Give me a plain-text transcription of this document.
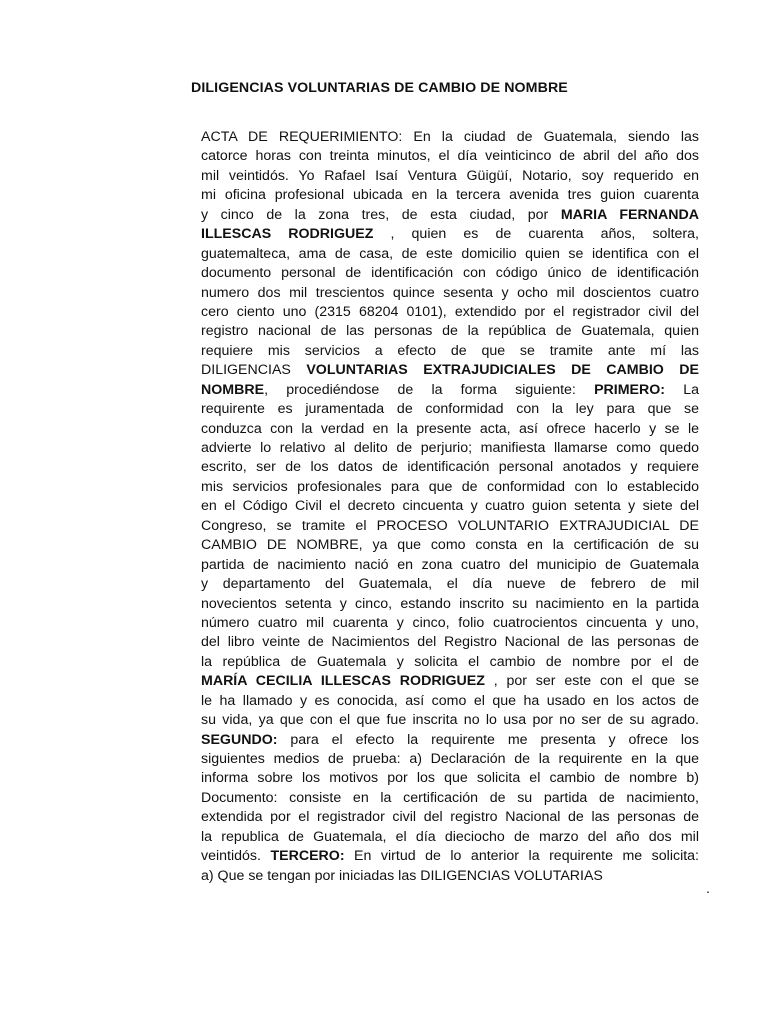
DILIGENCIAS VOLUNTARIAS DE CAMBIO DE NOMBRE
ACTA DE REQUERIMIENTO: En la ciudad de Guatemala, siendo las
catorce horas con treinta minutos, el día veinticinco de abril del año dos
mil veintidós. Yo Rafael Isaí Ventura Güigüí, Notario, soy requerido en
mi oficina profesional ubicada en la tercera avenida tres guion cuarenta
y cinco de la zona tres, de esta ciudad, por MARIA FERNANDA
ILLESCAS RODRIGUEZ , quien es de cuarenta años, soltera,
guatemalteca, ama de casa, de este domicilio quien se identifica con el
documento personal de identificación con código único de identificación
numero dos mil trescientos quince sesenta y ocho mil doscientos cuatro
cero ciento uno (2315 68204 0101), extendido por el registrador civil del
registro nacional de las personas de la república de Guatemala, quien
requiere mis servicios a efecto de que se tramite ante mí las
DILIGENCIAS VOLUNTARIAS EXTRAJUDICIALES DE CAMBIO DE
NOMBRE, procediéndose de la forma siguiente: PRIMERO: La
requirente es juramentada de conformidad con la ley para que se
conduzca con la verdad en la presente acta, así ofrece hacerlo y se le
advierte lo relativo al delito de perjurio; manifiesta llamarse como quedo
escrito, ser de los datos de identificación personal anotados y requiere
mis servicios profesionales para que de conformidad con lo establecido
en el Código Civil el decreto cincuenta y cuatro guion setenta y siete del
Congreso, se tramite el PROCESO VOLUNTARIO EXTRAJUDICIAL DE
CAMBIO DE NOMBRE, ya que como consta en la certificación de su
partida de nacimiento nació en zona cuatro del municipio de Guatemala
y departamento del Guatemala, el día nueve de febrero de mil
novecientos setenta y cinco, estando inscrito su nacimiento en la partida
número cuatro mil cuarenta y cinco, folio cuatrocientos cincuenta y uno,
del libro veinte de Nacimientos del Registro Nacional de las personas de
la república de Guatemala y solicita el cambio de nombre por el de
MARÍA CECILIA ILLESCAS RODRIGUEZ , por ser este con el que se
le ha llamado y es conocida, así como el que ha usado en los actos de
su vida, ya que con el que fue inscrita no lo usa por no ser de su agrado.
SEGUNDO: para el efecto la requirente me presenta y ofrece los
siguientes medios de prueba: a) Declaración de la requirente en la que
informa sobre los motivos por los que solicita el cambio de nombre b)
Documento: consiste en la certificación de su partida de nacimiento,
extendida por el registrador civil del registro Nacional de las personas de
la republica de Guatemala, el día dieciocho de marzo del año dos mil
veintidós. TERCERO: En virtud de lo anterior la requirente me solicita:
a) Que se tengan por iniciadas las DILIGENCIAS VOLUTARIAS
.
